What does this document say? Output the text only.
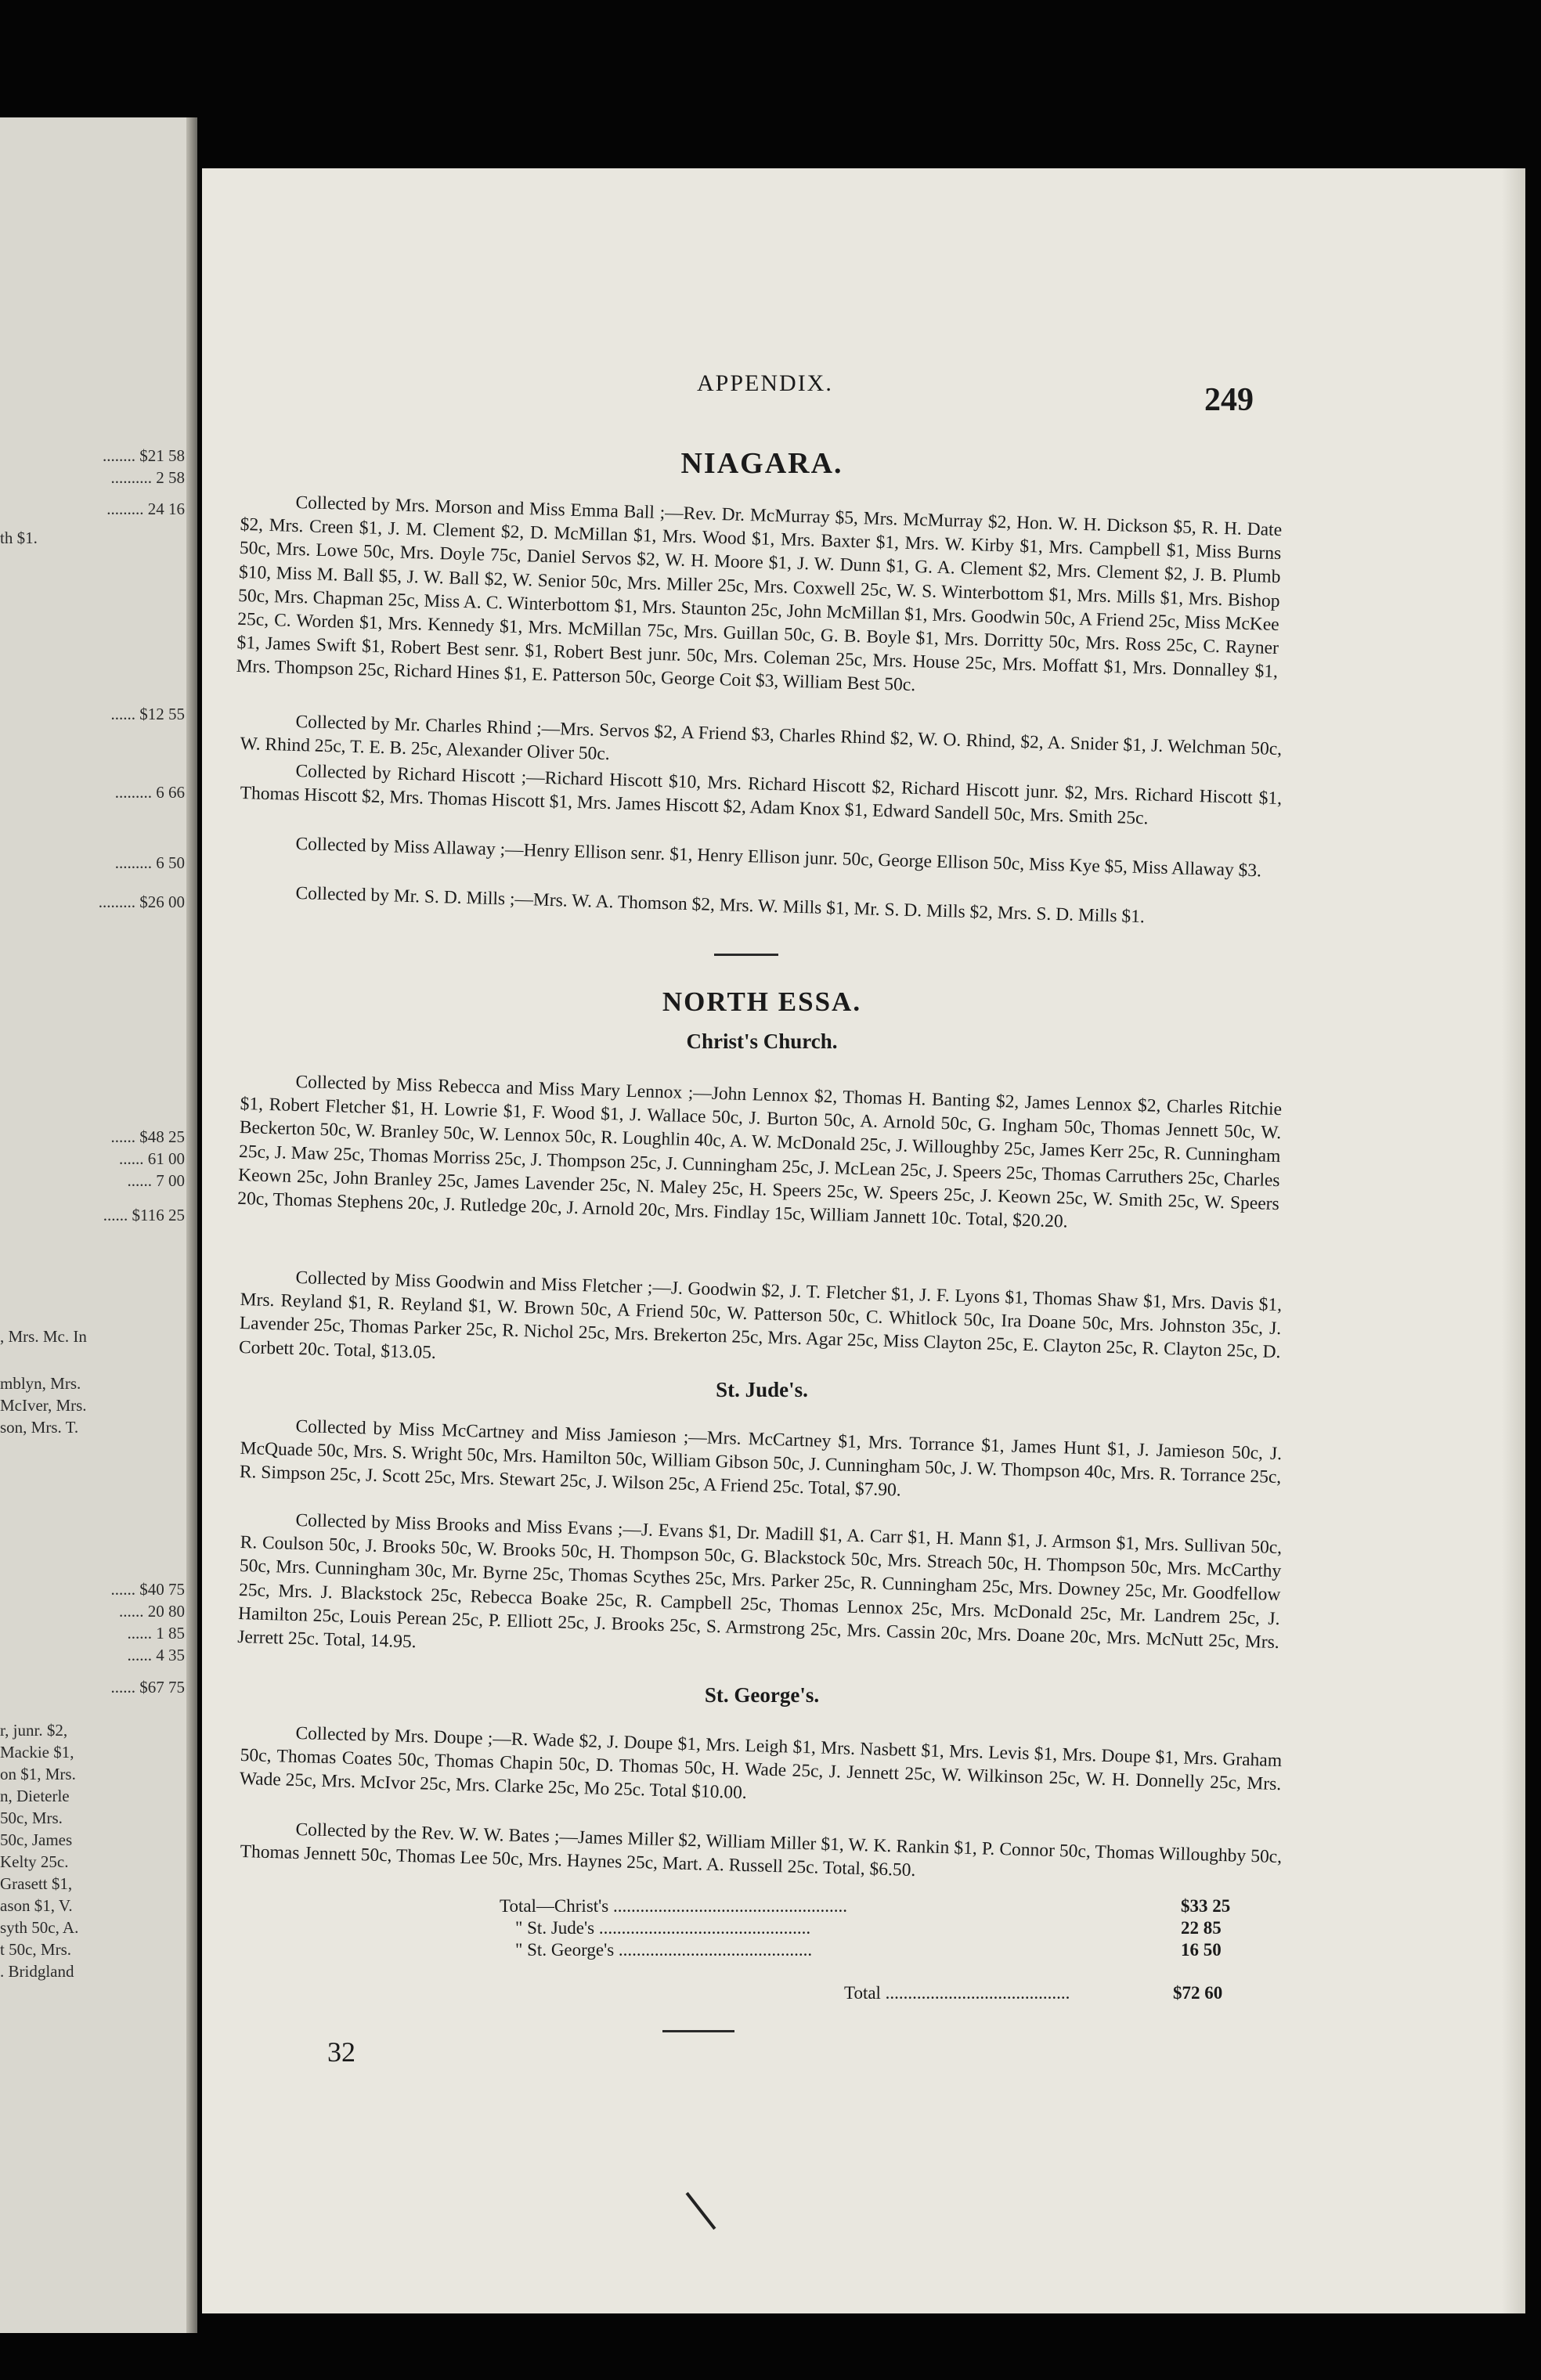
........ $21 58
.......... 2 58
......... 24 16
th $1.
...... $12 55
......... 6 66
......... 6 50
......... $26 00
...... $48 25
...... 61 00
...... 7 00
...... $116 25
, Mrs. Mc. In
mblyn, Mrs.
McIver, Mrs.
son, Mrs. T.
...... $40 75
...... 20 80
...... 1 85
...... 4 35
...... $67 75
r, junr. $2,
Mackie $1,
on $1, Mrs.
n, Dieterle
50c, Mrs.
50c, James
Kelty 25c.
Grasett $1,
ason $1, V.
syth 50c, A.
t 50c, Mrs.
. Bridgland
APPENDIX.	249
NIAGARA.
Collected by Mrs. Morson and Miss Emma Ball ;—Rev. Dr. McMurray $5, Mrs. McMurray $2, Hon. W. H. Dickson $5, R. H. Date $2, Mrs. Creen $1, J. M. Clement $2, D. McMillan $1, Mrs. Wood $1, Mrs. Baxter $1, Mrs. W. Kirby $1, Mrs. Campbell $1, Miss Burns 50c, Mrs. Lowe 50c, Mrs. Doyle 75c, Daniel Servos $2, W. H. Moore $1, J. W. Dunn $1, G. A. Clement $2, Mrs. Clement $2, J. B. Plumb $10, Miss M. Ball $5, J. W. Ball $2, W. Senior 50c, Mrs. Miller 25c, Mrs. Coxwell 25c, W. S. Winterbottom $1, Mrs. Mills $1, Mrs. Bishop 50c, Mrs. Chapman 25c, Miss A. C. Winterbottom $1, Mrs. Staunton 25c, John McMillan $1, Mrs. Goodwin 50c, A Friend 25c, Miss McKee 25c, C. Worden $1, Mrs. Kennedy $1, Mrs. McMillan 75c, Mrs. Guillan 50c, G. B. Boyle $1, Mrs. Dorritty 50c, Mrs. Ross 25c, C. Rayner $1, James Swift $1, Robert Best senr. $1, Robert Best junr. 50c, Mrs. Coleman 25c, Mrs. House 25c, Mrs. Moffatt $1, Mrs. Donnalley $1, Mrs. Thompson 25c, Richard Hines $1, E. Patterson 50c, George Coit $3, William Best 50c.
Collected by Mr. Charles Rhind ;—Mrs. Servos $2, A Friend $3, Charles Rhind $2, W. O. Rhind, $2, A. Snider $1, J. Welchman 50c, W. Rhind 25c, T. E. B. 25c, Alexander Oliver 50c.
Collected by Richard Hiscott ;—Richard Hiscott $10, Mrs. Richard Hiscott $2, Richard Hiscott junr. $2, Mrs. Richard Hiscott $1, Thomas Hiscott $2, Mrs. Thomas Hiscott $1, Mrs. James Hiscott $2, Adam Knox $1, Edward Sandell 50c, Mrs. Smith 25c.
Collected by Miss Allaway ;—Henry Ellison senr. $1, Henry Ellison junr. 50c, George Ellison 50c, Miss Kye $5, Miss Allaway $3.
Collected by Mr. S. D. Mills ;—Mrs. W. A. Thomson $2, Mrs. W. Mills $1, Mr. S. D. Mills $2, Mrs. S. D. Mills $1.
NORTH ESSA.
Christ's Church.
Collected by Miss Rebecca and Miss Mary Lennox ;—John Lennox $2, Thomas H. Banting $2, James Lennox $2, Charles Ritchie $1, Robert Fletcher $1, H. Lowrie $1, F. Wood $1, J. Wallace 50c, J. Burton 50c, A. Arnold 50c, G. Ingham 50c, Thomas Jennett 50c, W. Beckerton 50c, W. Branley 50c, W. Lennox 50c, R. Loughlin 40c, A. W. McDonald 25c, J. Willoughby 25c, James Kerr 25c, R. Cunningham 25c, J. Maw 25c, Thomas Morriss 25c, J. Thompson 25c, J. Cunningham 25c, J. McLean 25c, J. Speers 25c, Thomas Carruthers 25c, Charles Keown 25c, John Branley 25c, James Lavender 25c, N. Maley 25c, H. Speers 25c, W. Speers 25c, J. Keown 25c, W. Smith 25c, W. Speers 20c, Thomas Stephens 20c, J. Rutledge 20c, J. Arnold 20c, Mrs. Findlay 15c, William Jannett 10c. Total, $20.20.
Collected by Miss Goodwin and Miss Fletcher ;—J. Goodwin $2, J. T. Fletcher $1, J. F. Lyons $1, Thomas Shaw $1, Mrs. Davis $1, Mrs. Reyland $1, R. Reyland $1, W. Brown 50c, A Friend 50c, W. Patterson 50c, C. Whitlock 50c, Ira Doane 50c, Mrs. Johnston 35c, J. Lavender 25c, Thomas Parker 25c, R. Nichol 25c, Mrs. Brekerton 25c, Mrs. Agar 25c, Miss Clayton 25c, E. Clayton 25c, R. Clayton 25c, D. Corbett 20c. Total, $13.05.
St. Jude's.
Collected by Miss McCartney and Miss Jamieson ;—Mrs. McCartney $1, Mrs. Torrance $1, James Hunt $1, J. Jamieson 50c, J. McQuade 50c, Mrs. S. Wright 50c, Mrs. Hamilton 50c, William Gibson 50c, J. Cunningham 50c, J. W. Thompson 40c, Mrs. R. Torrance 25c, R. Simpson 25c, J. Scott 25c, Mrs. Stewart 25c, J. Wilson 25c, A Friend 25c. Total, $7.90.
Collected by Miss Brooks and Miss Evans ;—J. Evans $1, Dr. Madill $1, A. Carr $1, H. Mann $1, J. Armson $1, Mrs. Sullivan 50c, R. Coulson 50c, J. Brooks 50c, W. Brooks 50c, H. Thompson 50c, G. Blackstock 50c, Mrs. Streach 50c, H. Thompson 50c, Mrs. McCarthy 50c, Mrs. Cunningham 30c, Mr. Byrne 25c, Thomas Scythes 25c, Mrs. Parker 25c, R. Cunningham 25c, Mrs. Downey 25c, Mr. Goodfellow 25c, Mrs. J. Blackstock 25c, Rebecca Boake 25c, R. Campbell 25c, Thomas Lennox 25c, Mrs. McDonald 25c, Mr. Landrem 25c, J. Hamilton 25c, Louis Perean 25c, P. Elliott 25c, J. Brooks 25c, S. Armstrong 25c, Mrs. Cassin 20c, Mrs. Doane 20c, Mrs. McNutt 25c, Mrs. Jerrett 25c. Total, 14.95.
St. George's.
Collected by Mrs. Doupe ;—R. Wade $2, J. Doupe $1, Mrs. Leigh $1, Mrs. Nasbett $1, Mrs. Levis $1, Mrs. Doupe $1, Mrs. Graham 50c, Thomas Coates 50c, Thomas Chapin 50c, D. Thomas 50c, H. Wade 25c, J. Jennett 25c, W. Wilkinson 25c, W. H. Donnelly 25c, Mrs. Wade 25c, Mrs. McIvor 25c, Mrs. Clarke 25c, Mo 25c. Total $10.00.
Collected by the Rev. W. W. Bates ;—James Miller $2, William Miller $1, W. K. Rankin $1, P. Connor 50c, Thomas Willoughby 50c, Thomas Jennett 50c, Thomas Lee 50c, Mrs. Haynes 25c, Mart. A. Russell 25c. Total, $6.50.
Total—Christ's ....................................................	$33 25
" St. Jude's ...............................................	22 85
" St. George's ...........................................	16 50
Total .........................................	$72 60
32
